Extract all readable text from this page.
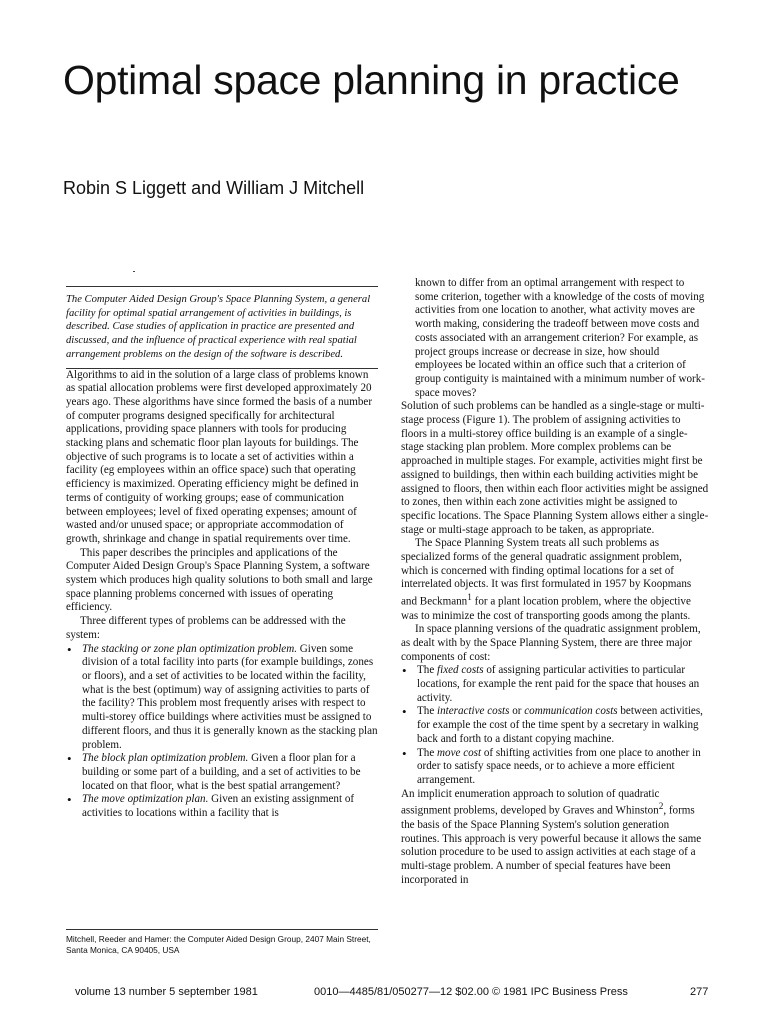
Optimal space planning in practice
Robin S Liggett and William J Mitchell

The Computer Aided Design Group's Space Planning System, a general facility for optimal spatial arrangement of activities in buildings, is described. Case studies of application in practice are presented and discussed, and the influence of practical experience with real spatial arrangement problems on the design of the software is described.

Algorithms to aid in the solution of a large class of problems known as spatial allocation problems were first developed approximately 20 years ago. These algorithms have since formed the basis of a number of computer programs designed specifically for architectural applications, providing space planners with tools for producing stacking plans and schematic floor plan layouts for buildings. The objective of such programs is to locate a set of activities within a facility (eg employees within an office space) such that operating efficiency is maximized. Operating efficiency might be defined in terms of contiguity of working groups; ease of communication between employees; level of fixed operating expenses; amount of wasted and/or unused space; or appropriate accommodation of growth, shrinkage and change in spatial requirements over time.

This paper describes the principles and applications of the Computer Aided Design Group's Space Planning System, a software system which produces high quality solutions to both small and large space planning problems concerned with issues of operating efficiency.

Three different types of problems can be addressed with the system:

• The stacking or zone plan optimization problem. Given some division of a total facility into parts (for example buildings, zones or floors), and a set of activities to be located within the facility, what is the best (optimum) way of assigning activities to parts of the facility? This problem most frequently arises with respect to multi-storey office buildings where activities must be assigned to different floors, and thus it is generally known as the stacking plan problem.
• The block plan optimization problem. Given a floor plan for a building or some part of a building, and a set of activities to be located on that floor, what is the best spatial arrangement?
• The move optimization plan. Given an existing assignment of activities to locations within a facility that is

known to differ from an optimal arrangement with respect to some criterion, together with a knowledge of the costs of moving activities from one location to another, what activity moves are worth making, considering the tradeoff between move costs and costs associated with an arrangement criterion? For example, as project groups increase or decrease in size, how should employees be located within an office such that a criterion of group contiguity is maintained with a minimum number of work-space moves?

Solution of such problems can be handled as a single-stage or multi-stage process (Figure 1). The problem of assigning activities to floors in a multi-storey office building is an example of a single-stage stacking plan problem. More complex problems can be approached in multiple stages. For example, activities might first be assigned to buildings, then within each building activities might be assigned to floors, then within each floor activities might be assigned to zones, then within each zone activities might be assigned to specific locations. The Space Planning System allows either a single-stage or multi-stage approach to be taken, as appropriate.

The Space Planning System treats all such problems as specialized forms of the general quadratic assignment problem, which is concerned with finding optimal locations for a set of interrelated objects. It was first formulated in 1957 by Koopmans and Beckmann$^1$ for a plant location problem, where the objective was to minimize the cost of transporting goods among the plants.

In space planning versions of the quadratic assignment problem, as dealt with by the Space Planning System, there are three major components of cost:

• The fixed costs of assigning particular activities to particular locations, for example the rent paid for the space that houses an activity.
• The interactive costs or communication costs between activities, for example the cost of the time spent by a secretary in walking back and forth to a distant copying machine.
• The move cost of shifting activities from one place to another in order to satisfy space needs, or to achieve a more efficient arrangement.

An implicit enumeration approach to solution of quadratic assignment problems, developed by Graves and Whinston$^2$, forms the basis of the Space Planning System's solution generation routines. This approach is very powerful because it allows the same solution procedure to be used to assign activities at each stage of a multi-stage problem. A number of special features have been incorporated in

Mitchell, Reeder and Hamer: the Computer Aided Design Group, 2407 Main Street, Santa Monica, CA 90405, USA
volume 13 number 5 september 1981	0010—4485/81/050277—12 $02.00 © 1981 IPC Business Press	277
